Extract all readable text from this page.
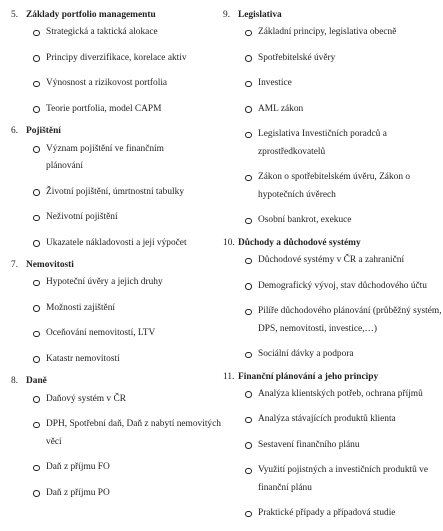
5. Základy portfolio managementu
Strategická a taktická alokace
Principy diverzifikace, korelace aktiv
Výnosnost a rizikovost portfolia
Teorie portfolia, model CAPM
6. Pojištění
Význam pojištění ve finančním plánování
Životní pojištění, úmrtnostní tabulky
Neživotní pojištění
Ukazatele nákladovosti a její výpočet
7. Nemovitosti
Hypoteční úvěry a jejich druhy
Možnosti zajištění
Oceňování nemovitostí, LTV
Katastr nemovitostí
8. Daně
Daňový systém v ČR
DPH, Spotřební daň, Daň z nabytí nemovitých věcí
Daň z příjmu FO
Daň z příjmu PO
9. Legislativa
Základní principy, legislativa obecně
Spotřebitelské úvěry
Investice
AML zákon
Legislativa Investičních poradců a zprostředkovatelů
Zákon o spotřebitelském úvěru, Zákon o hypotečních úvěrech
Osobní bankrot, exekuce
10. Důchody a důchodové systémy
Důchodové systémy v ČR a zahraniční
Demografický vývoj, stav důchodového účtu
Pilíře důchodového plánování (průběžný systém, DPS, nemovitosti, investice,…)
Sociální dávky a podpora
11. Finanční plánování a jeho principy
Analýza klientských potřeb, ochrana příjmů
Analýza stávajících produktů klienta
Sestavení finančního plánu
Využití pojistných a investičních produktů ve finanční plánu
Praktické případy a případová studie
